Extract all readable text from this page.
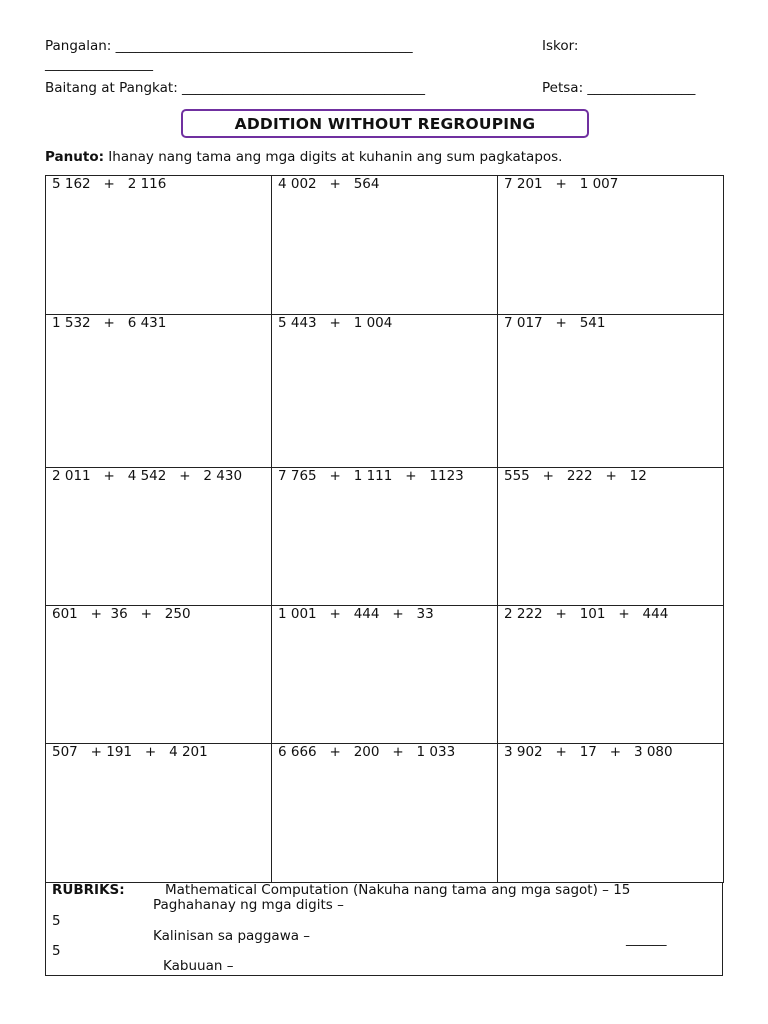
Pangalan: ____________________________________________	Iskor:
________________
Baitang at Pangkat: ____________________________________	Petsa: ________________
ADDITION WITHOUT REGROUPING
Panuto: Ihanay nang tama ang mga digits at kuhanin ang sum pagkatapos.
5 162   +   2 116	4 002   +   564	7 201   +   1 007
1 532   +   6 431	5 443   +   1 004	7 017   +   541
2 011   +   4 542   +   2 430	7 765   +   1 111   +   1123	555   +   222   +   12
601   +  36   +   250	1 001   +   444   +   33	2 222   +   101   +   444
507   + 191   +   4 201	6 666   +   200   +   1 033	3 902   +   17   +   3 080
RUBRIKS:	Mathematical Computation (Nakuha nang tama ang mga sagot) – 15
Paghahanay ng mga digits –
5
Kalinisan sa paggawa –	______
5
Kabuuan –
